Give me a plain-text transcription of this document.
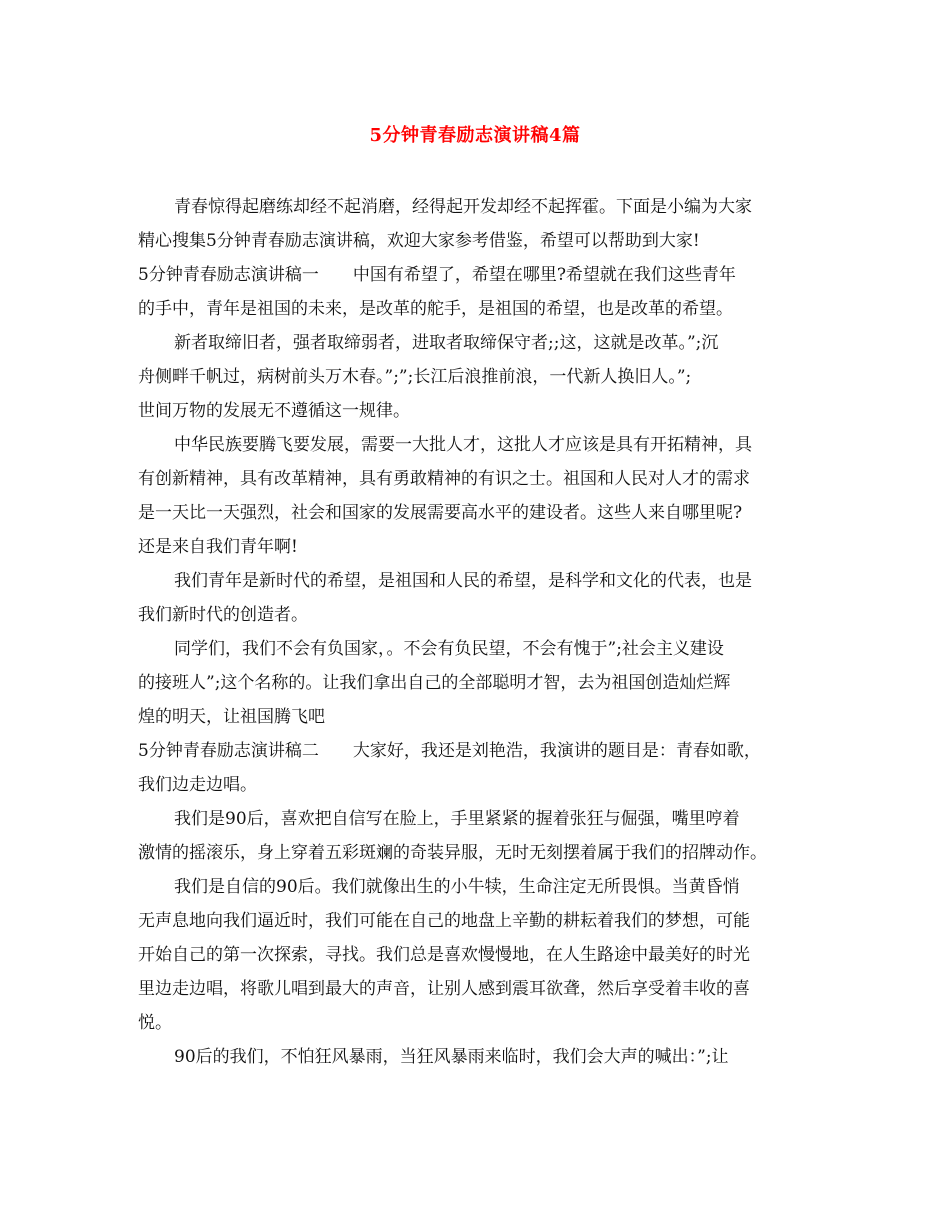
5分钟青春励志演讲稿4篇
青春惊得起磨练却经不起消磨，经得起开发却经不起挥霍。下面是小编为大家
精心搜集5分钟青春励志演讲稿，欢迎大家参考借鉴，希望可以帮助到大家!
5分钟青春励志演讲稿一　　中国有希望了，希望在哪里?希望就在我们这些青年
的手中，青年是祖国的未来，是改革的舵手，是祖国的希望，也是改革的希望。
新者取缔旧者，强者取缔弱者，进取者取缔保守者;;这，这就是改革。”;沉
舟侧畔千帆过，病树前头万木春。”;”;长江后浪推前浪，一代新人换旧人。”;
世间万物的发展无不遵循这一规律。
中华民族要腾飞要发展，需要一大批人才，这批人才应该是具有开拓精神，具
有创新精神，具有改革精神，具有勇敢精神的有识之士。祖国和人民对人才的需求
是一天比一天强烈，社会和国家的发展需要高水平的建设者。这些人来自哪里呢?
还是来自我们青年啊!
我们青年是新时代的希望，是祖国和人民的希望，是科学和文化的代表，也是
我们新时代的创造者。
同学们，我们不会有负国家，。不会有负民望，不会有愧于”;社会主义建设
的接班人”;这个名称的。让我们拿出自己的全部聪明才智，去为祖国创造灿烂辉
煌的明天，让祖国腾飞吧
5分钟青春励志演讲稿二　　大家好，我还是刘艳浩，我演讲的题目是：青春如歌，
我们边走边唱。
我们是90后，喜欢把自信写在脸上，手里紧紧的握着张狂与倔强，嘴里哼着
激情的摇滚乐，身上穿着五彩斑斓的奇装异服，无时无刻摆着属于我们的招牌动作。
我们是自信的90后。我们就像出生的小牛犊，生命注定无所畏惧。当黄昏悄
无声息地向我们逼近时，我们可能在自己的地盘上辛勤的耕耘着我们的梦想，可能
开始自己的第一次探索，寻找。我们总是喜欢慢慢地，在人生路途中最美好的时光
里边走边唱，将歌儿唱到最大的声音，让别人感到震耳欲聋，然后享受着丰收的喜
悦。
90后的我们，不怕狂风暴雨，当狂风暴雨来临时，我们会大声的喊出：”;让
